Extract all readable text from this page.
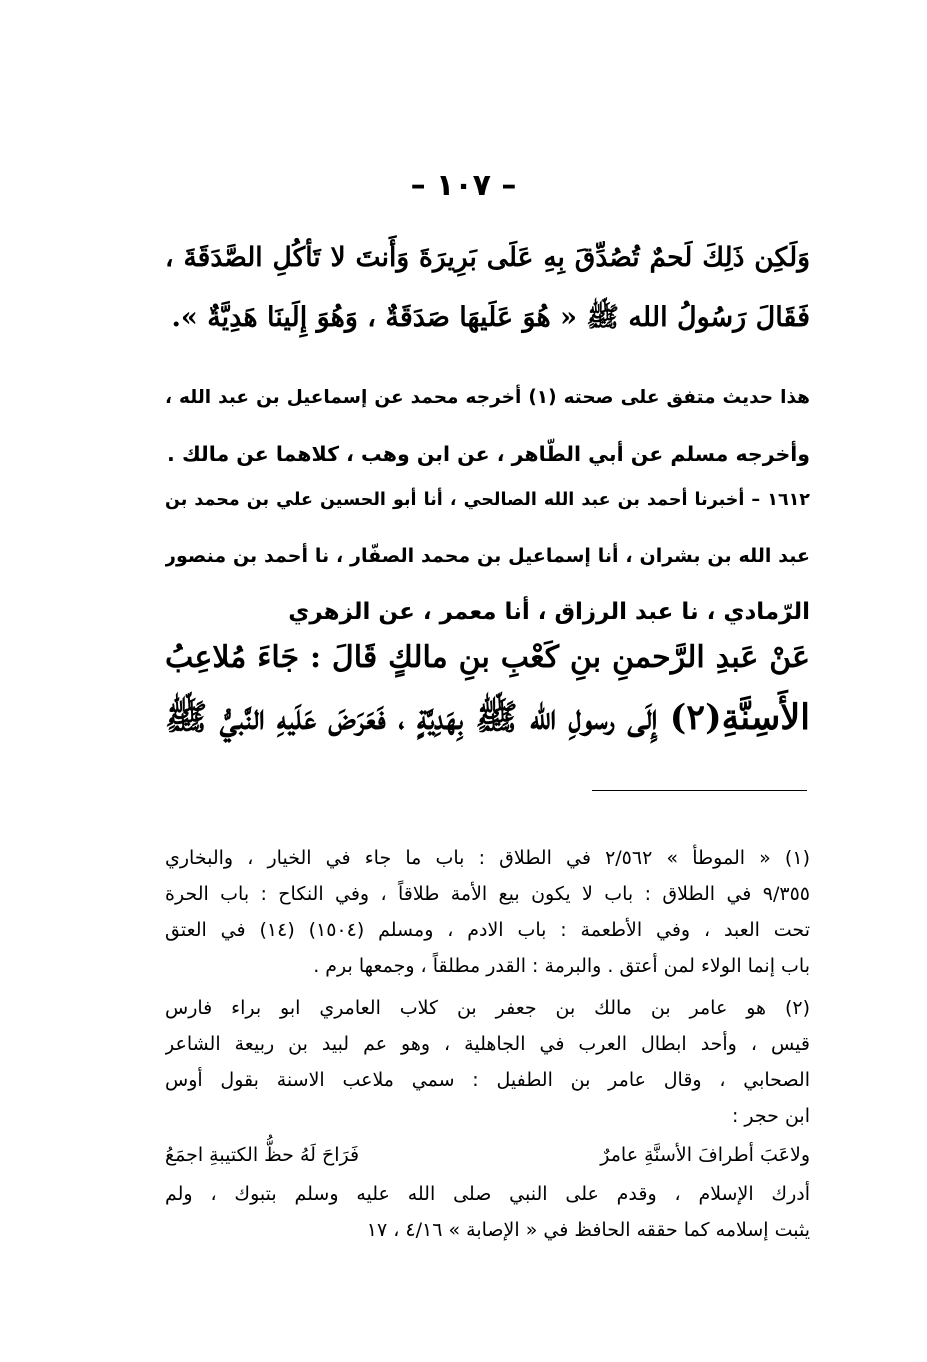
– ١٠٧ –
وَلَكِن ذَلِكَ لَحمٌ تُصُدِّقَ بِهِ عَلَى بَرِيرَةَ وَأَنتَ لا تَأكُلِ الصَّدَقَةَ ،
فَقَالَ رَسُولُ الله ﷺ « هُوَ عَلَيهَا صَدَقَةٌ ، وَهُوَ إِلَينَا هَدِيَّةٌ ».
هذا حديث متفق على صحته (١) أخرجه محمد عن إسماعيل بن عبد الله ،
وأخرجه مسلم عن أبي الطّاهر ، عن ابن وهب ، كلاهما عن مالك .
١٦١٢ – أخبرنا أحمد بن عبد الله الصالحي ، أنا أبو الحسين علي بن محمد بن
عبد الله بن بشران ، أنا إسماعيل بن محمد الصفّار ، نا أحمد بن منصور
الرّمادي ، نا عبد الرزاق ، أنا معمر ، عن الزهري
عَنْ عَبدِ الرَّحمنِ بنِ كَعْبِ بنِ مالكٍ قَالَ : جَاءَ مُلاعِبُ
الأَسِنَّةِ(٢) إِلَى رسولِ الله ﷺ بِهَدِيَّةٍ ، فَعَرَضَ عَلَيهِ النَّبيُّ ﷺ
(١) « الموطأ » ٢/٥٦٢ في الطلاق : باب ما جاء في الخيار ، والبخاري
٩/٣٥٥ في الطلاق : باب لا يكون بيع الأمة طلاقاً ، وفي النكاح : باب الحرة
تحت العبد ، وفي الأطعمة : باب الادم ، ومسلم (١٥٠٤) (١٤) في العتق
باب إنما الولاء لمن أعتق . والبرمة : القدر مطلقاً ، وجمعها برم .
(٢) هو عامر بن مالك بن جعفر بن كلاب العامري ابو براء فارس
قيس ، وأحد ابطال العرب في الجاهلية ، وهو عم لبيد بن ربيعة الشاعر
الصحابي ، وقال عامر بن الطفيل : سمي ملاعب الاسنة بقول أوس
ابن حجر :
ولاعَبَ أطرافَ الأسنَّةِ عامرٌ
فَرَاحَ لَهُ حظُّ الكتيبةِ اجمَعُ
أدرك الإسلام ، وقدم على النبي صلى الله عليه وسلم بتبوك ، ولم
يثبت إسلامه كما حققه الحافظ في « الإصابة » ٤/١٦ ، ١٧
